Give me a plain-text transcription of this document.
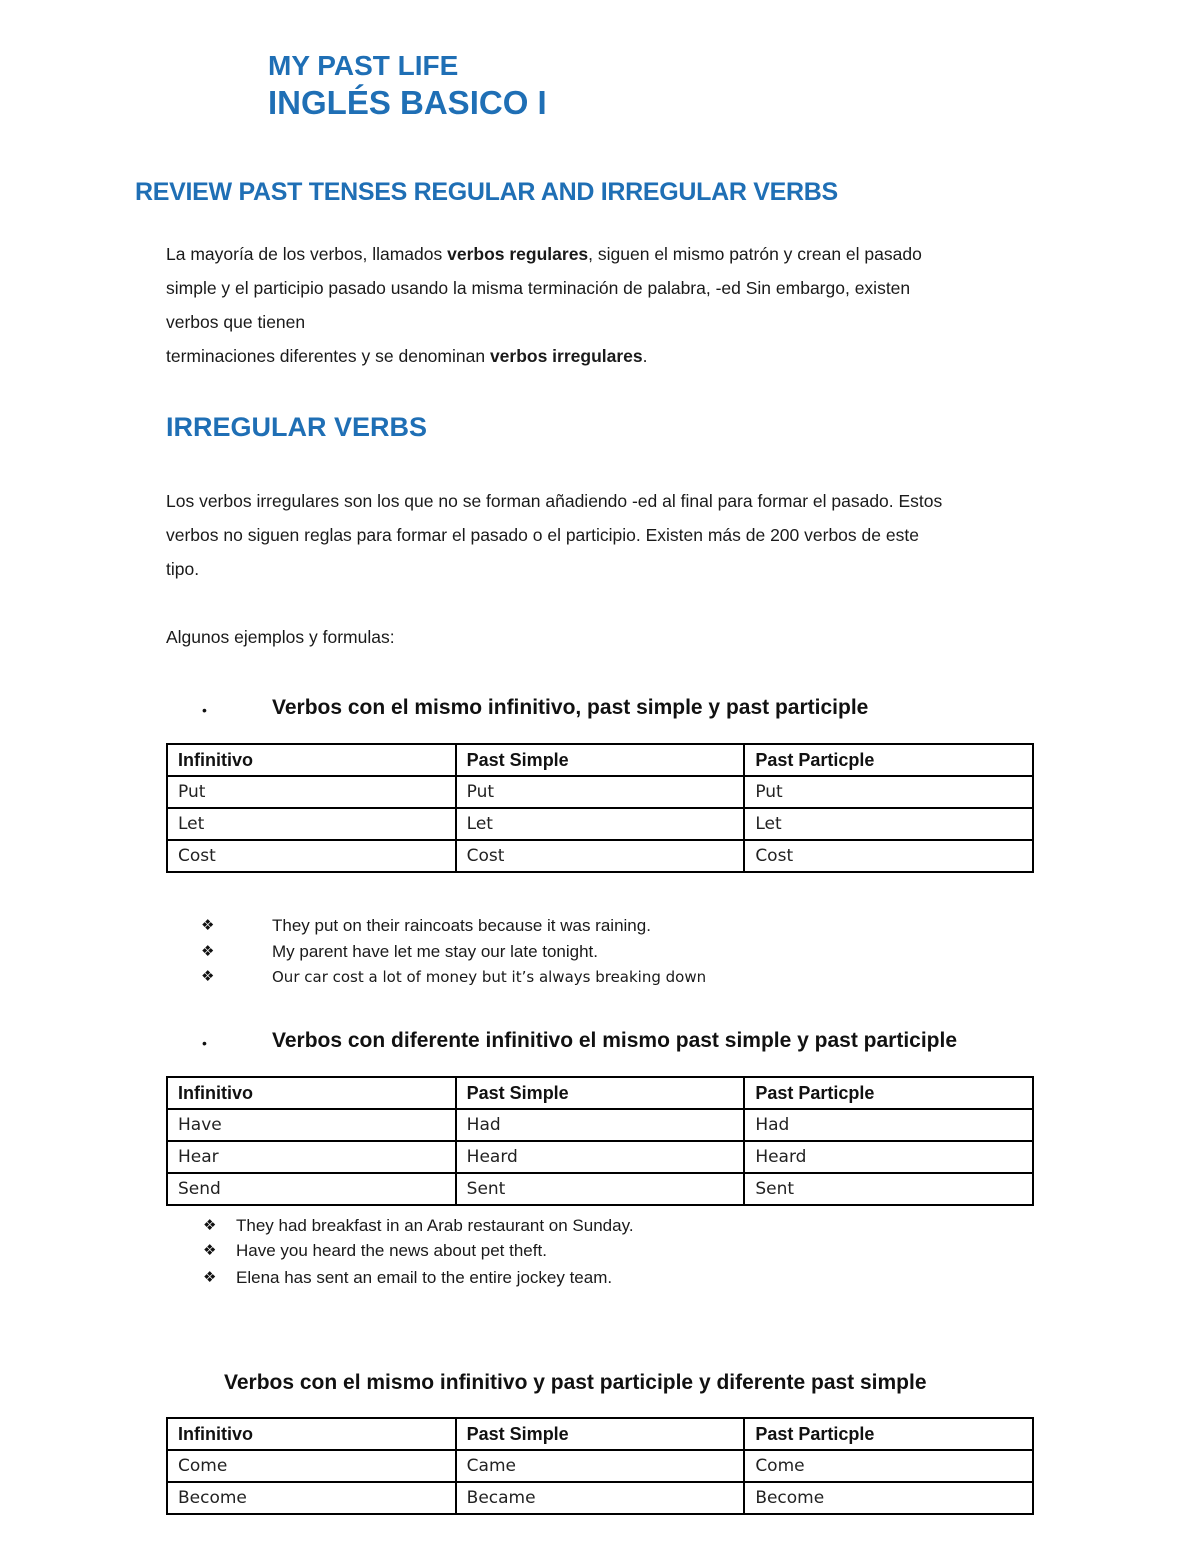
MY PAST LIFE
INGLÉS BASICO I
REVIEW PAST TENSES REGULAR AND IRREGULAR VERBS

La mayoría de los verbos, llamados verbos regulares, siguen el mismo patrón y crean el pasado

simple y el participio pasado usando la misma terminación de palabra, -ed Sin embargo, existen

verbos que tienen

terminaciones diferentes y se denominan verbos irregulares.

IRREGULAR VERBS

Los verbos irregulares son los que no se forman añadiendo -ed al final para formar el pasado. Estos

verbos no siguen reglas para formar el pasado o el participio. Existen más de 200 verbos de este

tipo.

Algunos ejemplos y formulas:
•	Verbos con el mismo infinitivo, past simple y past participle
Infinitivo	Past Simple	Past Particple
Put	Put	Put
Let	Let	Let
Cost	Cost	Cost
❖	They put on their raincoats because it was raining.
❖	My parent have let me stay our late tonight.
❖	Our car cost a lot of money but it’s always breaking down
•	Verbos con diferente infinitivo el mismo past simple y past participle
Infinitivo	Past Simple	Past Particple
Have	Had	Had
Hear	Heard	Heard
Send	Sent	Sent
❖ They had breakfast in an Arab restaurant on Sunday.
❖ Have you heard the news about pet theft.
❖ Elena has sent an email to the entire jockey team.
Verbos con el mismo infinitivo y past participle y diferente past simple
Infinitivo	Past Simple	Past Particple
Come	Came	Come
Become	Became	Become
